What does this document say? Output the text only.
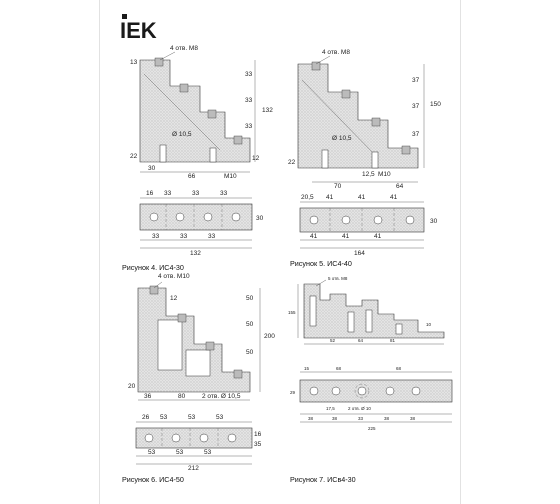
IEK
4 отв. М8
13
33
33
33
132
22	12
Ø 10,5
30
66	М10
16 33	33	33
30
33	33	33
132
Рисунок 4. ИС4-30
4 отв. М8
37
37
37
150
22
Ø 10,5
12,5
70	64
М10
20,5 41	41	41
30
41	41	41
164
Рисунок 5. ИС4-40
4 отв. М10
12	50
50
50
200
20
36	80	2 отв. Ø 10,5
26 53	53	53
16
35
53	53	53
212
Рисунок 6. ИС4-50
5 отв. М8
155
52	64	81
10
15	68	68
29
2 отв. Ø 10
17,5
38	38	33	38	38
225
Рисунок 7. ИСв4-30
